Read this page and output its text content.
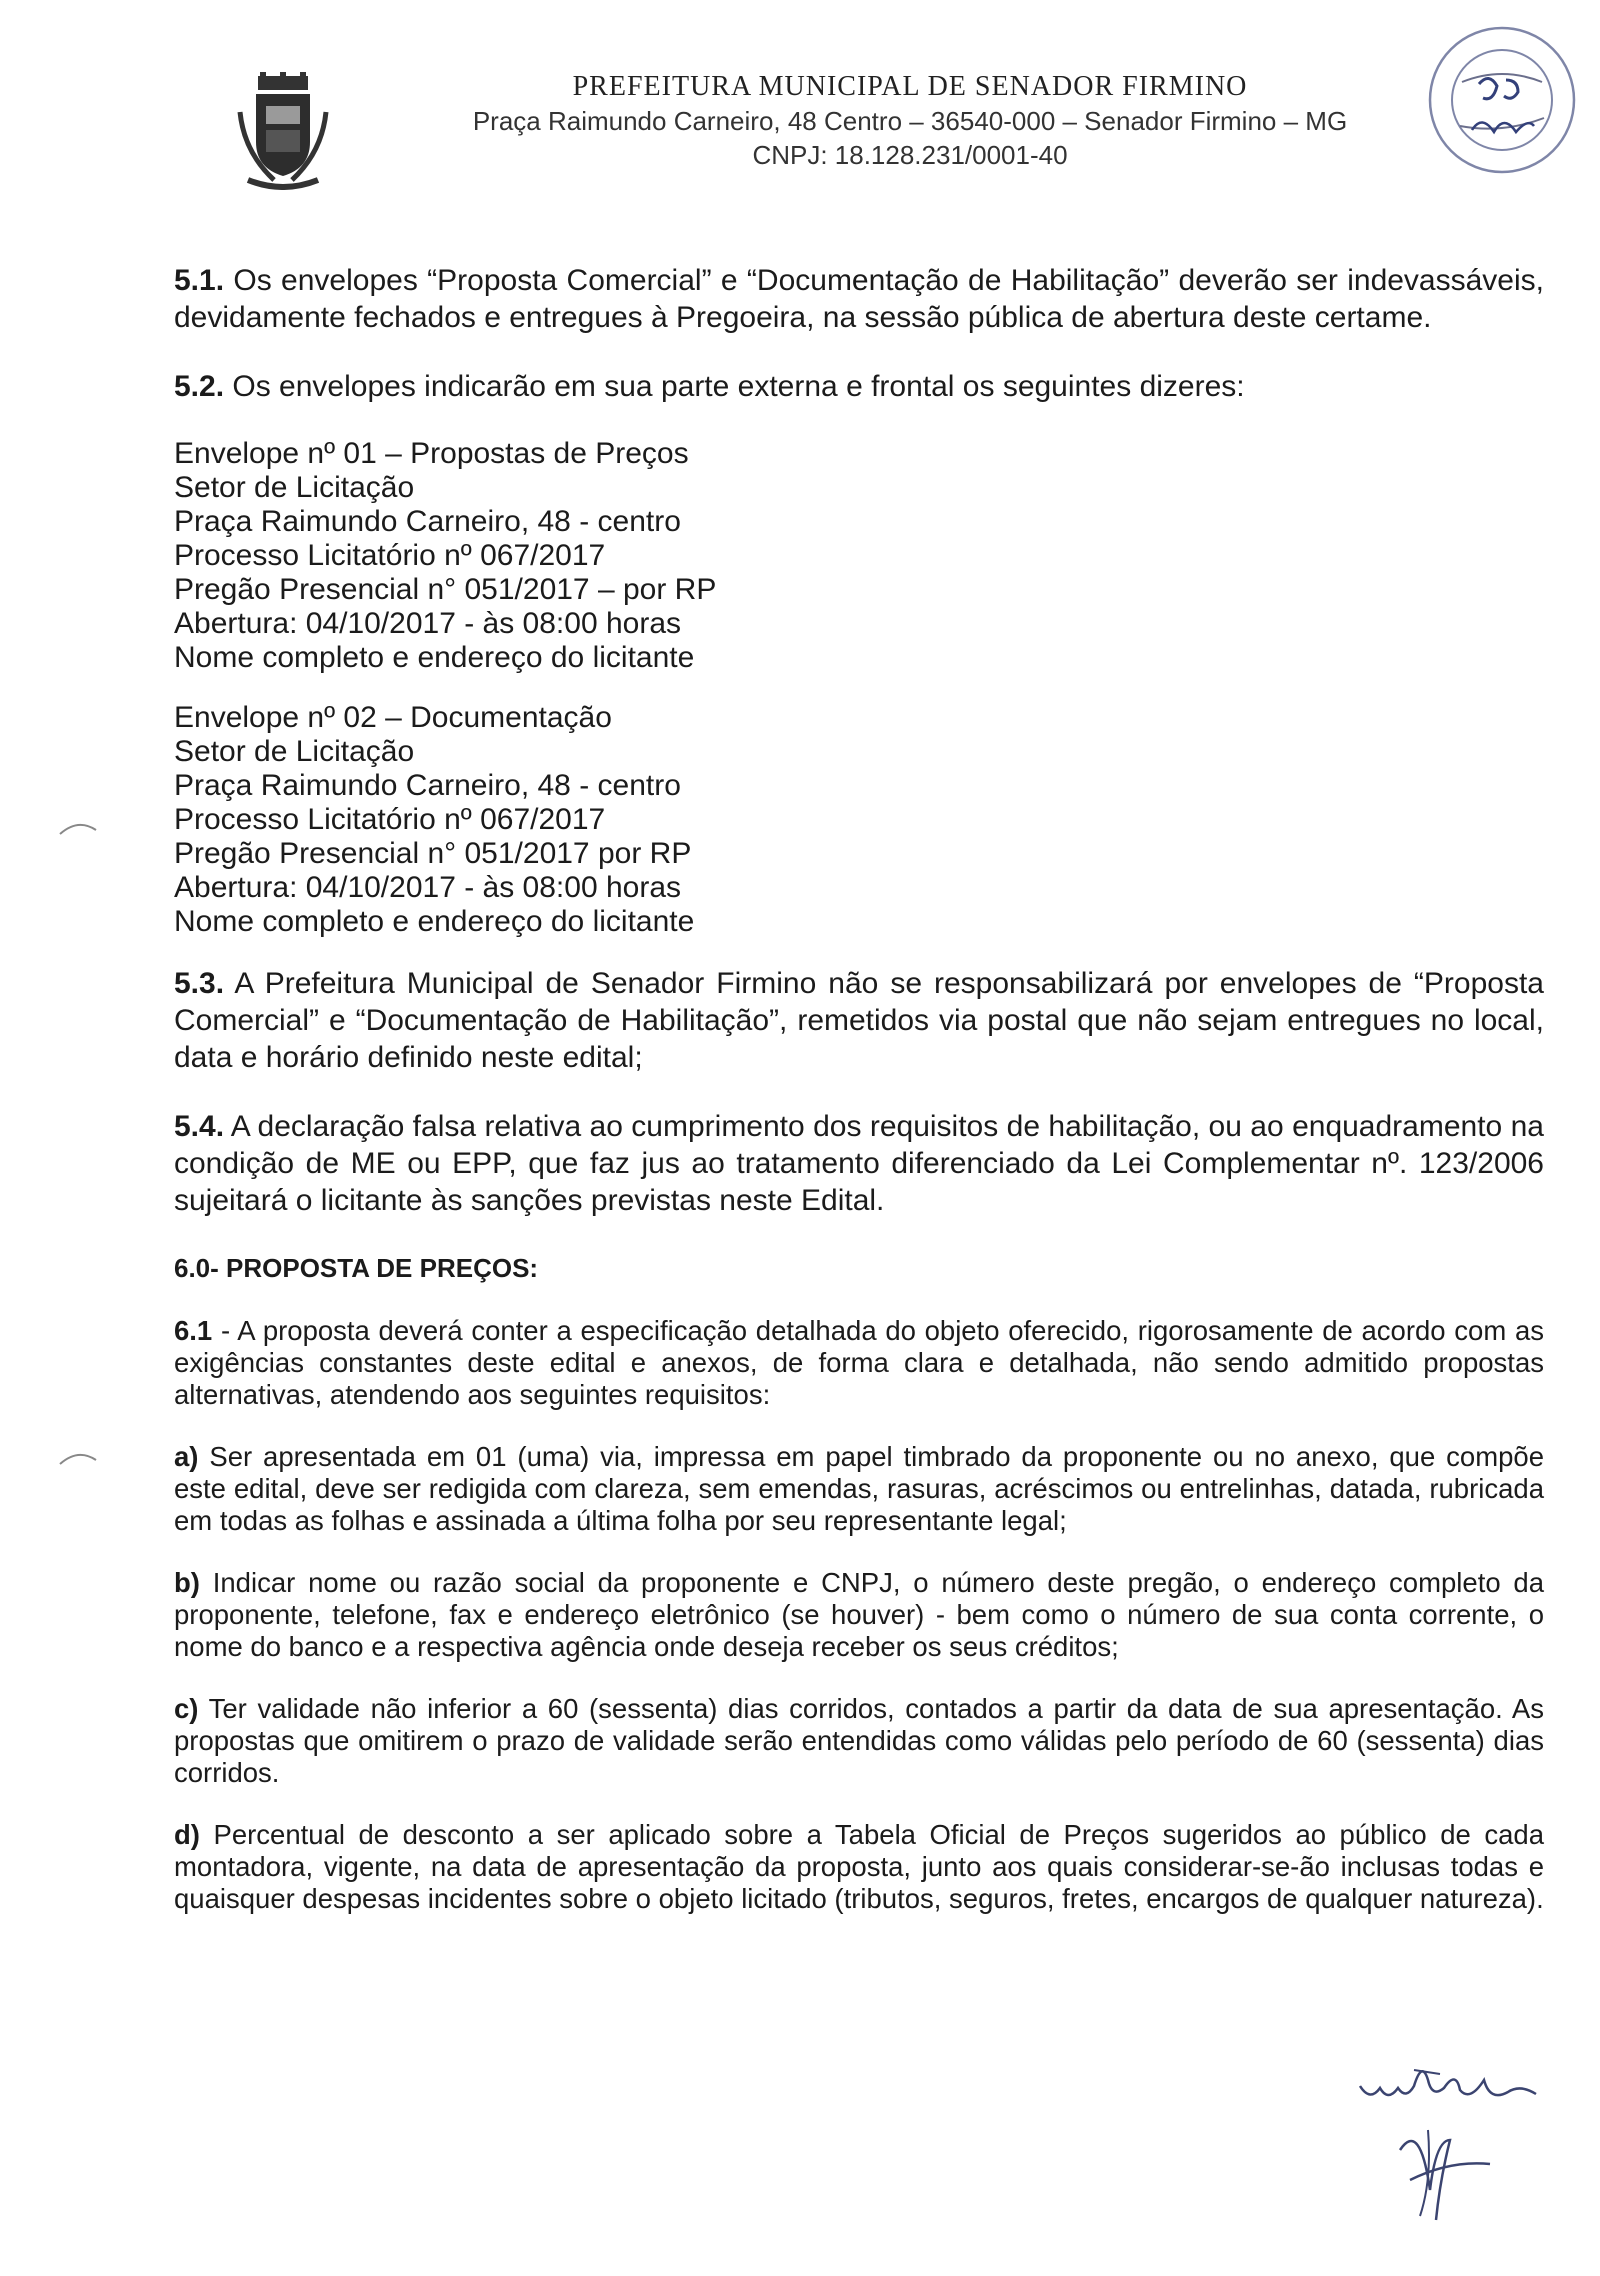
PREFEITURA MUNICIPAL DE SENADOR FIRMINO
Praça Raimundo Carneiro, 48 Centro – 36540-000 – Senador Firmino – MG
CNPJ: 18.128.231/0001-40

5.1. Os envelopes “Proposta Comercial” e “Documentação de Habilitação” deverão ser indevassáveis, devidamente fechados e entregues à Pregoeira, na sessão pública de abertura deste certame.

5.2. Os envelopes indicarão em sua parte externa e frontal os seguintes dizeres:

Envelope nº 01 – Propostas de Preços
Setor de Licitação
Praça Raimundo Carneiro, 48 - centro
Processo Licitatório nº 067/2017
Pregão Presencial n° 051/2017 – por RP
Abertura: 04/10/2017 - às 08:00 horas
Nome completo e endereço do licitante
Envelope nº 02 – Documentação
Setor de Licitação
Praça Raimundo Carneiro, 48 - centro
Processo Licitatório nº 067/2017
Pregão Presencial n° 051/2017 por RP
Abertura: 04/10/2017 - às 08:00 horas
Nome completo e endereço do licitante

5.3. A Prefeitura Municipal de Senador Firmino não se responsabilizará por envelopes de “Proposta Comercial” e “Documentação de Habilitação”, remetidos via postal que não sejam entregues no local, data e horário definido neste edital;

5.4. A declaração falsa relativa ao cumprimento dos requisitos de habilitação, ou ao enquadramento na condição de ME ou EPP, que faz jus ao tratamento diferenciado da Lei Complementar nº. 123/2006 sujeitará o licitante às sanções previstas neste Edital.

6.0- PROPOSTA DE PREÇOS:

6.1 - A proposta deverá conter a especificação detalhada do objeto oferecido, rigorosamente de acordo com as exigências constantes deste edital e anexos, de forma clara e detalhada, não sendo admitido propostas alternativas, atendendo aos seguintes requisitos:

a) Ser apresentada em 01 (uma) via, impressa em papel timbrado da proponente ou no anexo, que compõe este edital, deve ser redigida com clareza, sem emendas, rasuras, acréscimos ou entrelinhas, datada, rubricada em todas as folhas e assinada a última folha por seu representante legal;

b) Indicar nome ou razão social da proponente e CNPJ, o número deste pregão, o endereço completo da proponente, telefone, fax e endereço eletrônico (se houver) - bem como o número de sua conta corrente, o nome do banco e a respectiva agência onde deseja receber os seus créditos;

c) Ter validade não inferior a 60 (sessenta) dias corridos, contados a partir da data de sua apresentação. As propostas que omitirem o prazo de validade serão entendidas como válidas pelo período de 60 (sessenta) dias corridos.

d) Percentual de desconto a ser aplicado sobre a Tabela Oficial de Preços sugeridos ao público de cada montadora, vigente, na data de apresentação da proposta, junto aos quais considerar-se-ão inclusas todas e quaisquer despesas incidentes sobre o objeto licitado (tributos, seguros, fretes, encargos de qualquer natureza).
